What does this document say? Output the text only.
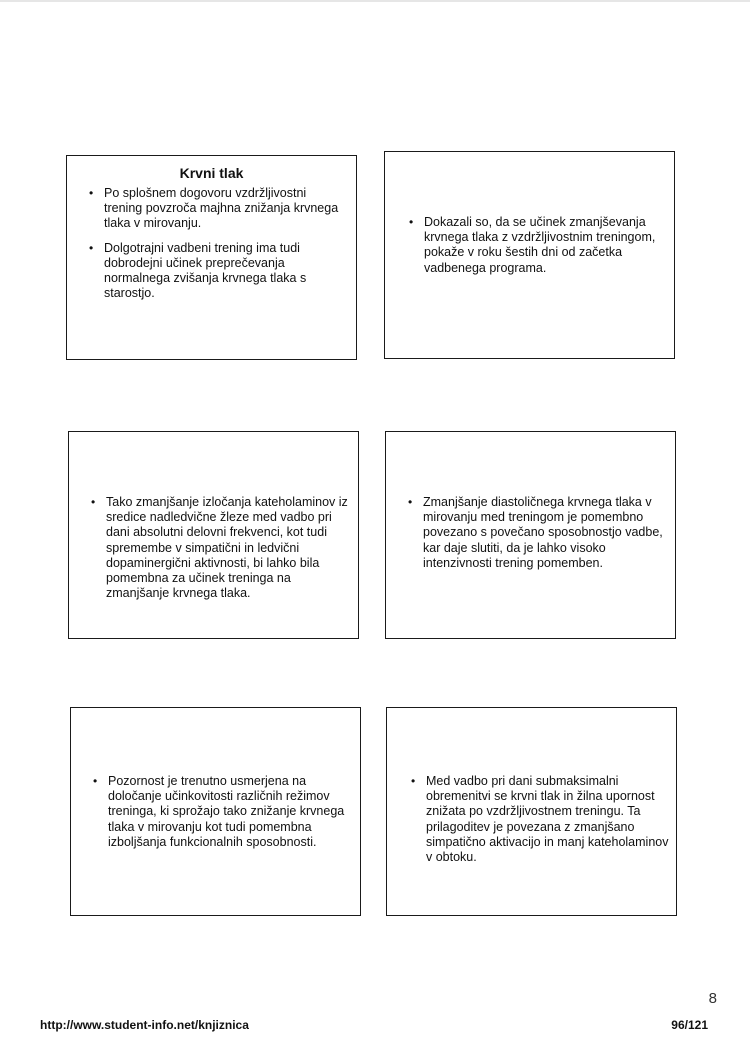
Krvni tlak
• Po splošnem dogovoru vzdržljivostni trening povzroča majhna znižanja krvnega tlaka v mirovanju.
• Dolgotrajni vadbeni trening ima tudi dobrodejni učinek preprečevanja normalnega zvišanja krvnega tlaka s starostjo.
• Dokazali so, da se učinek zmanjševanja krvnega tlaka z vzdržljivostnim treningom, pokaže v roku šestih dni od začetka vadbenega programa.
• Tako zmanjšanje izločanja kateholaminov iz sredice nadledvične žleze med vadbo pri dani absolutni delovni frekvenci, kot tudi spremembe v simpatični in ledvični dopaminergični aktivnosti, bi lahko bila pomembna za učinek treninga na zmanjšanje krvnega tlaka.
• Zmanjšanje diastoličnega krvnega tlaka v mirovanju med treningom je pomembno povezano s povečano sposobnostjo vadbe, kar daje slutiti, da je lahko visoko intenzivnosti trening pomemben.
• Pozornost je trenutno usmerjena na določanje učinkovitosti različnih režimov treninga, ki sprožajo tako znižanje krvnega tlaka v mirovanju kot tudi pomembna izboljšanja funkcionalnih sposobnosti.
• Med vadbo pri dani submaksimalni obremenitvi se krvni tlak in žilna upornost znižata po vzdržljivostnem treningu. Ta prilagoditev je povezana z zmanjšano simpatično aktivacijo in manj kateholaminov v obtoku.
8
http://www.student-info.net/knjiznica	96/121
